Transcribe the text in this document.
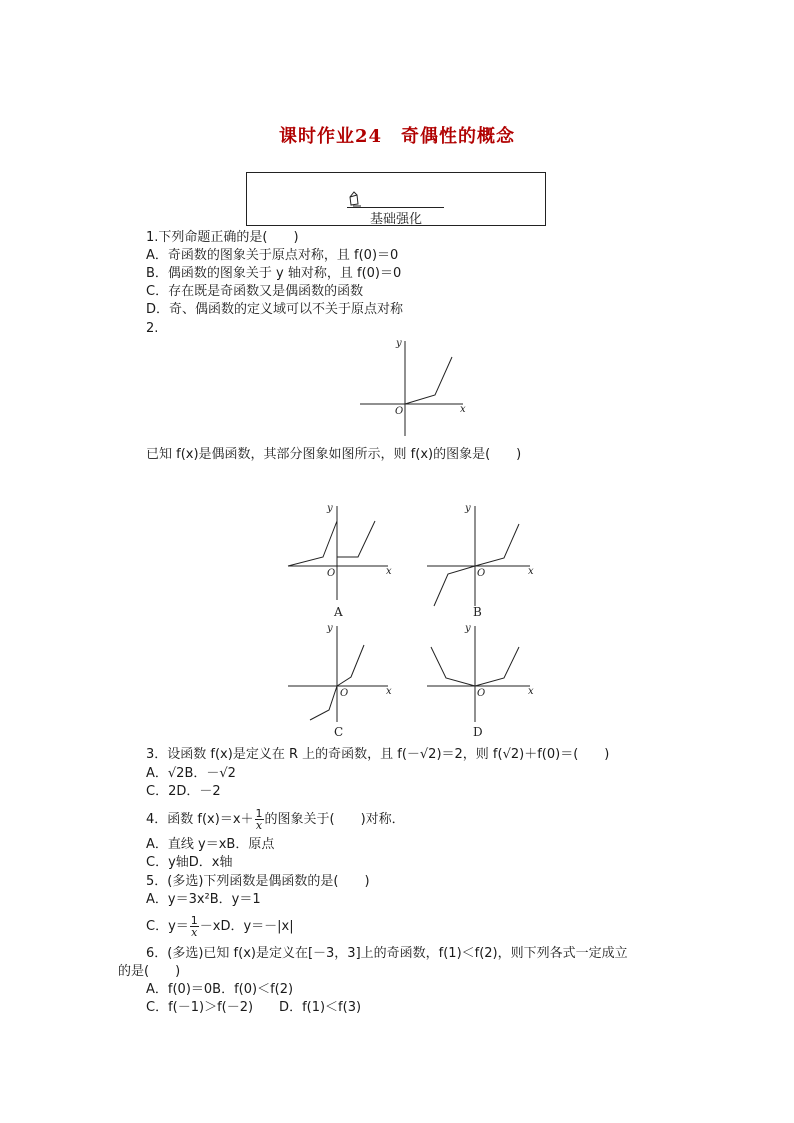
课时作业24　奇偶性的概念
基础强化
1.下列命题正确的是(　　)
A．奇函数的图象关于原点对称，且 f(0)＝0
B．偶函数的图象关于 y 轴对称，且 f(0)＝0
C．存在既是奇函数又是偶函数的函数
D．奇、偶函数的定义域可以不关于原点对称
2.
x
y
O
已知 f(x)是偶函数，其部分图象如图所示，则 f(x)的图象是(　　)
x
y
O
A
x
y
O
B
x
y
O
C
x
y
O
D
3．设函数 f(x)是定义在 R 上的奇函数，且 f(－√2)＝2，则 f(√2)＋f(0)＝(　　)
A．√2B．－√2
C．2D．－2
4．函数 $f(x)=x+ \frac{1}{x}$ 的图象关于(　　)对称．
A．直线 y＝xB．原点
C．y轴D．x轴
5．(多选)下列函数是偶函数的是(　　)
A．y＝3x²B．y＝1
C．$y= \frac{1}{x} -xD$．y＝－|x|
6．(多选)已知 f(x)是定义在[－3，3]上的奇函数，f(1)＜f(2)，则下列各式一定成立
的是(　　)
A．f(0)＝0B．f(0)＜f(2)
C．f(－1)＞f(－2)　　D．f(1)＜f(3)
